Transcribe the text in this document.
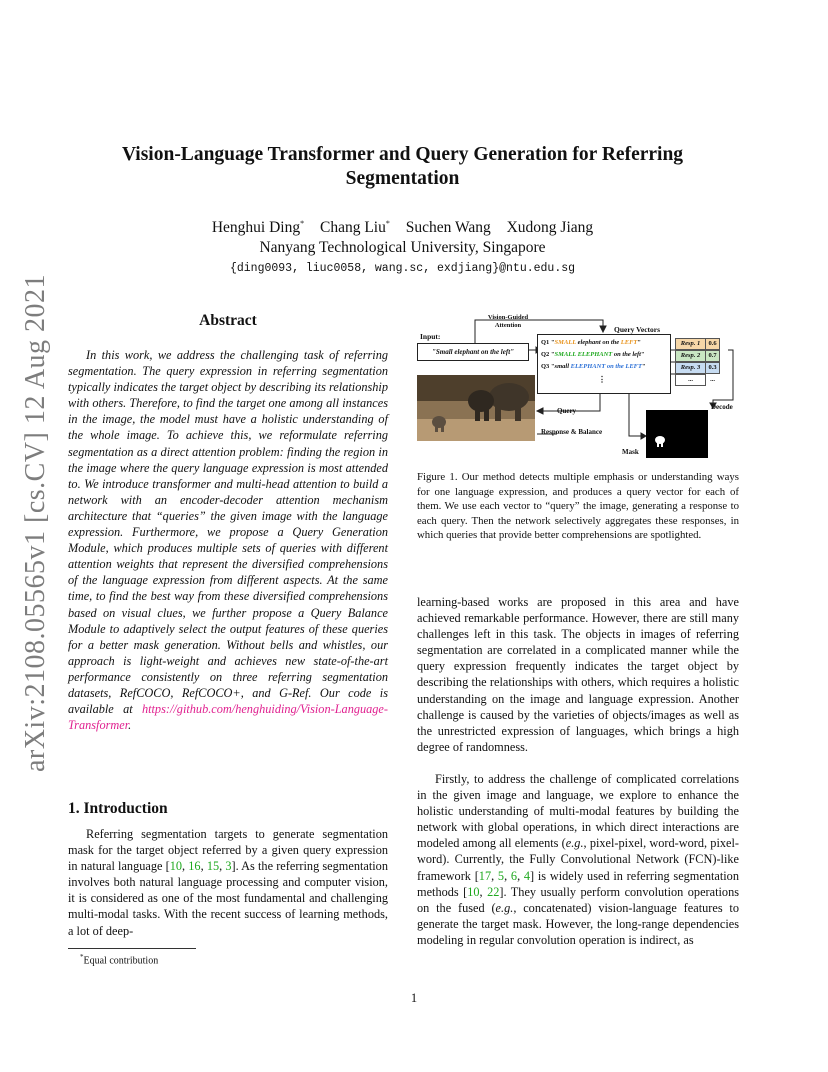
arXiv:2108.05565v1 [cs.CV] 12 Aug 2021
Vision-Language Transformer and Query Generation for Referring
Segmentation
Henghui Ding* Chang Liu* Suchen Wang Xudong Jiang
Nanyang Technological University, Singapore
{ding0093, liuc0058, wang.sc, exdjiang}@ntu.edu.sg
Abstract
In this work, we address the challenging task of referring segmentation. The query expression in referring segmentation typically indicates the target object by describing its relationship with others. Therefore, to find the target one among all instances in the image, the model must have a holistic understanding of the whole image. To achieve this, we reformulate referring segmentation as a direct attention problem: finding the region in the image where the query language expression is most attended to. We introduce transformer and multi-head attention to build a network with an encoder-decoder attention mechanism architecture that “queries” the given image with the language expression. Furthermore, we propose a Query Generation Module, which produces multiple sets of queries with different attention weights that represent the diversified comprehensions of the language expression from different aspects. At the same time, to find the best way from these diversified comprehensions based on visual clues, we further propose a Query Balance Module to adaptively select the output features of these queries for a better mask generation. Without bells and whistles, our approach is light-weight and achieves new state-of-the-art performance consistently on three referring segmentation datasets, RefCOCO, RefCOCO+, and G-Ref. Our code is available at https://github.com/henghuiding/Vision-Language-Transformer.
1. Introduction
Referring segmentation targets to generate segmentation mask for the target object referred by a given query expression in natural language [10, 16, 15, 3]. As the referring segmentation involves both natural language processing and computer vision, it is considered as one of the most fundamental and challenging multi-modal tasks. With the recent success of learning methods, a lot of deep-
*Equal contribution
Vision-Guided Attention
Input:
"Small elephant on the left"
Query Vectors
Q1 "SMALL elephant on the LEFT"
Q2 "SMALL ELEPHANT on the left"
Q3 "small ELEPHANT on the LEFT"
⋮
Resp. 1	0.6
Resp. 2	0.7
Resp. 3	0.3
...	...
Decode
Query
Response & Balance
Mask
Figure 1. Our method detects multiple emphasis or understanding ways for one language expression, and produces a query vector for each of them. We use each vector to “query” the image, generating a response to each query. Then the network selectively aggregates these responses, in which queries that provide better comprehensions are spotlighted.
learning-based works are proposed in this area and have achieved remarkable performance. However, there are still many challenges left in this task. The objects in images of referring segmentation are correlated in a complicated manner while the query expression frequently indicates the target object by describing the relationships with others, which requires a holistic understanding on the image and language expression. Another challenge is caused by the varieties of objects/images as well as the unrestricted expression of languages, which brings a high degree of randomness.
Firstly, to address the challenge of complicated correlations in the given image and language, we explore to enhance the holistic understanding of multi-modal features by building the network with global operations, in which direct interactions are modeled among all elements (e.g., pixel-pixel, word-word, pixel-word). Currently, the Fully Convolutional Network (FCN)-like framework [17, 5, 6, 4] is widely used in referring segmentation methods [10, 22]. They usually perform convolution operations on the fused (e.g., concatenated) vision-language features to generate the target mask. However, the long-range dependencies modeling in regular convolution operation is indirect, as
1
